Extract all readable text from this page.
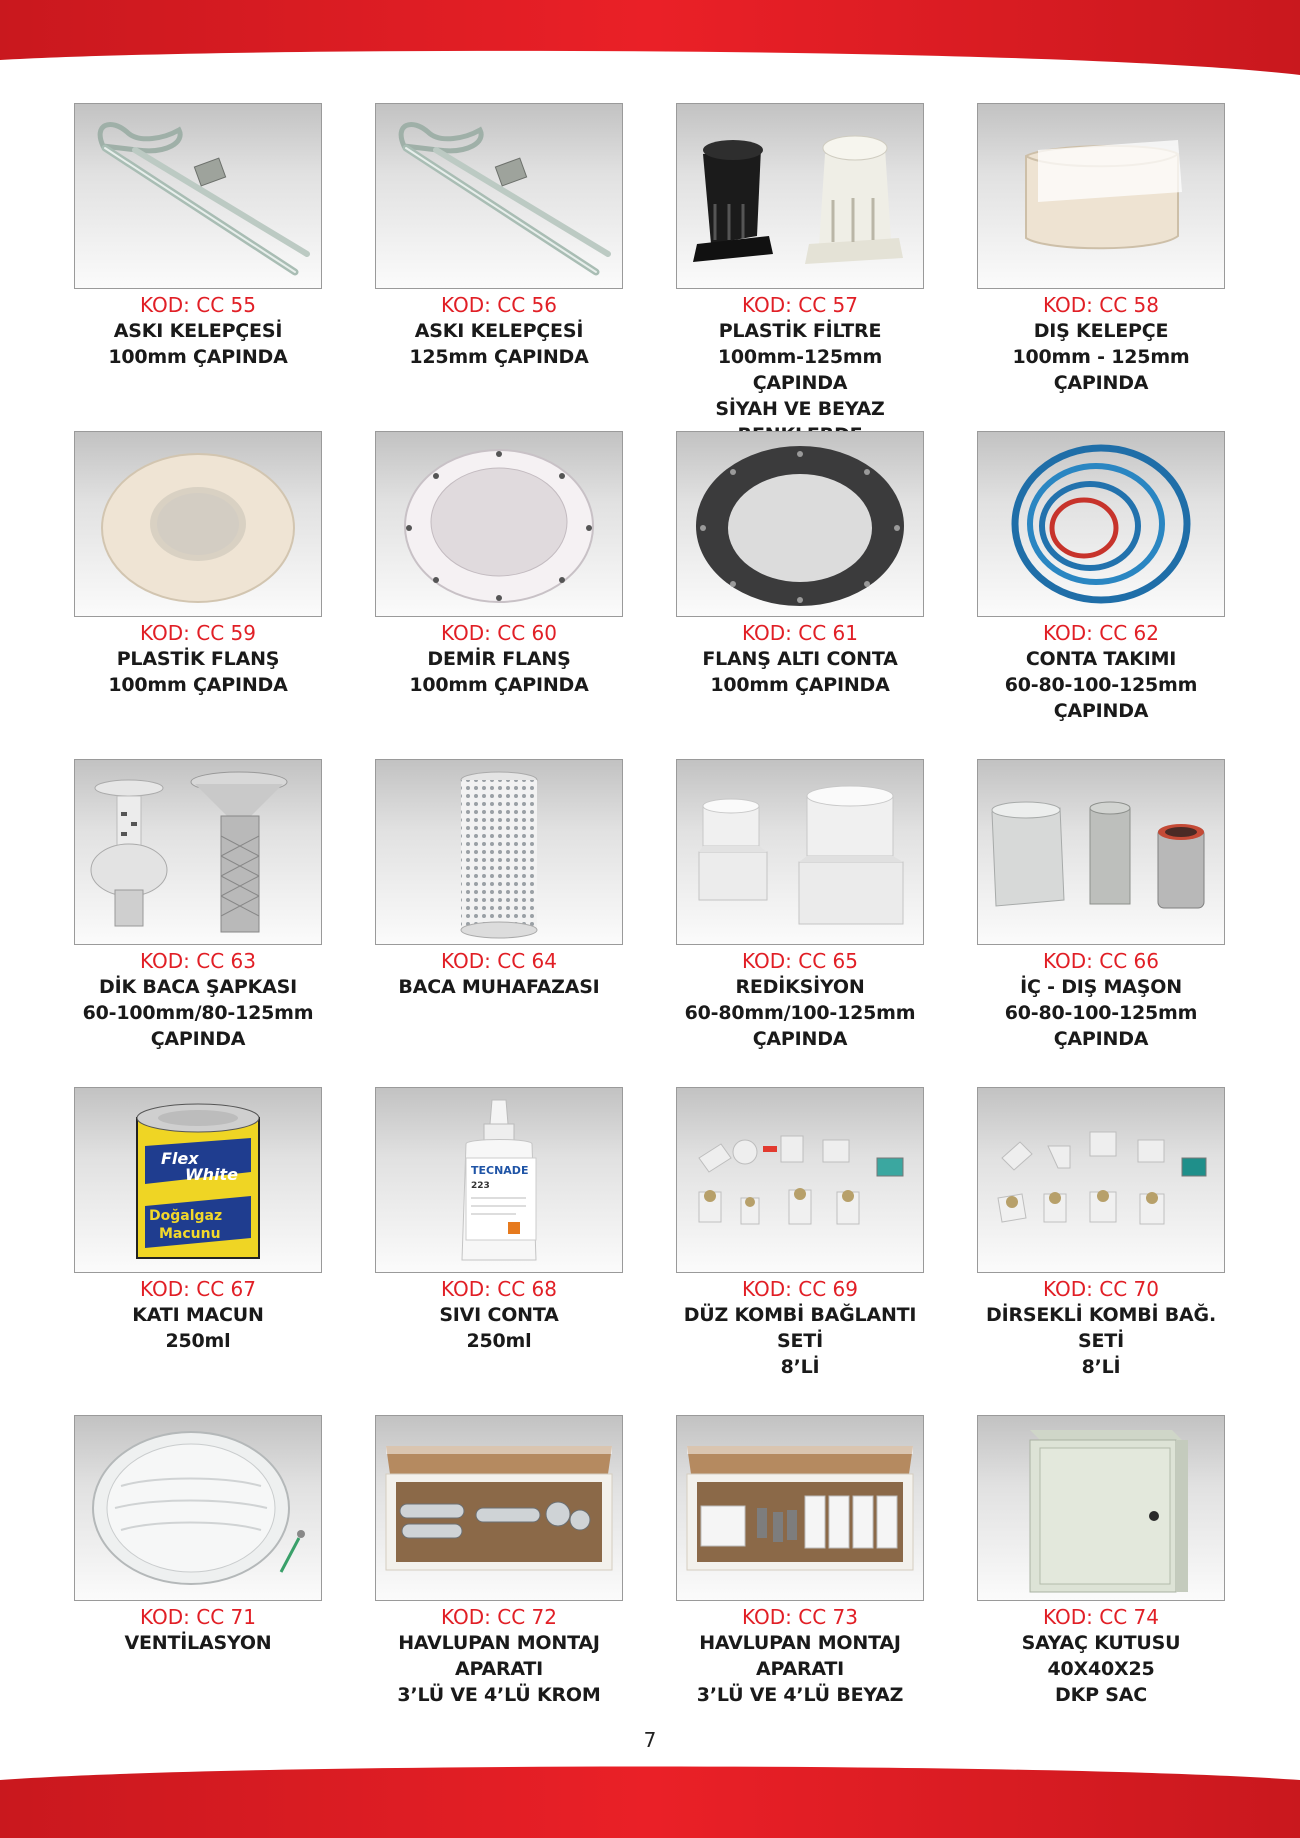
KOD: CC 55
ASKI KELEPÇESİ
100mm ÇAPINDA
KOD: CC 56
ASKI KELEPÇESİ
125mm ÇAPINDA
KOD: CC 57
PLASTİK FİLTRE
100mm-125mm ÇAPINDA
SİYAH VE BEYAZ

KOD: CC 58
DIŞ KELEPÇE
100mm - 125mm
ÇAPINDA
KOD: CC 59
PLASTİK FLANŞ
100mm ÇAPINDA
KOD: CC 60
DEMİR FLANŞ
100mm ÇAPINDA
KOD: CC 61
FLANŞ ALTI CONTA
100mm ÇAPINDA
KOD: CC 62
CONTA TAKIMI
60-80-100-125mm
ÇAPINDA
KOD: CC 63
DİK BACA ŞAPKASI
60-100mm/80-125mm
ÇAPINDA
KOD: CC 64
BACA MUHAFAZASI
KOD: CC 65
REDİKSİYON
60-80mm/100-125mm
ÇAPINDA
KOD: CC 66
İÇ - DIŞ MAŞON
60-80-100-125mm
ÇAPINDA
Flex
White
Doğalgaz
Macunu
KOD: CC 67
KATI MACUN
250ml
TECNADE
223
KOD: CC 68
SIVI CONTA
250ml
KOD: CC 69
DÜZ KOMBİ BAĞLANTI
SETİ
8’Lİ
KOD: CC 70
DİRSEKLİ KOMBİ BAĞ.
SETİ
8’Lİ
KOD: CC 71
VENTİLASYON
KOD: CC 72
HAVLUPAN MONTAJ
APARATI
3’LÜ VE 4’LÜ KROM
KOD: CC 73
HAVLUPAN MONTAJ
APARATI
3’LÜ VE 4’LÜ BEYAZ
KOD: CC 74
SAYAÇ KUTUSU
40X40X25
DKP SAC
7
